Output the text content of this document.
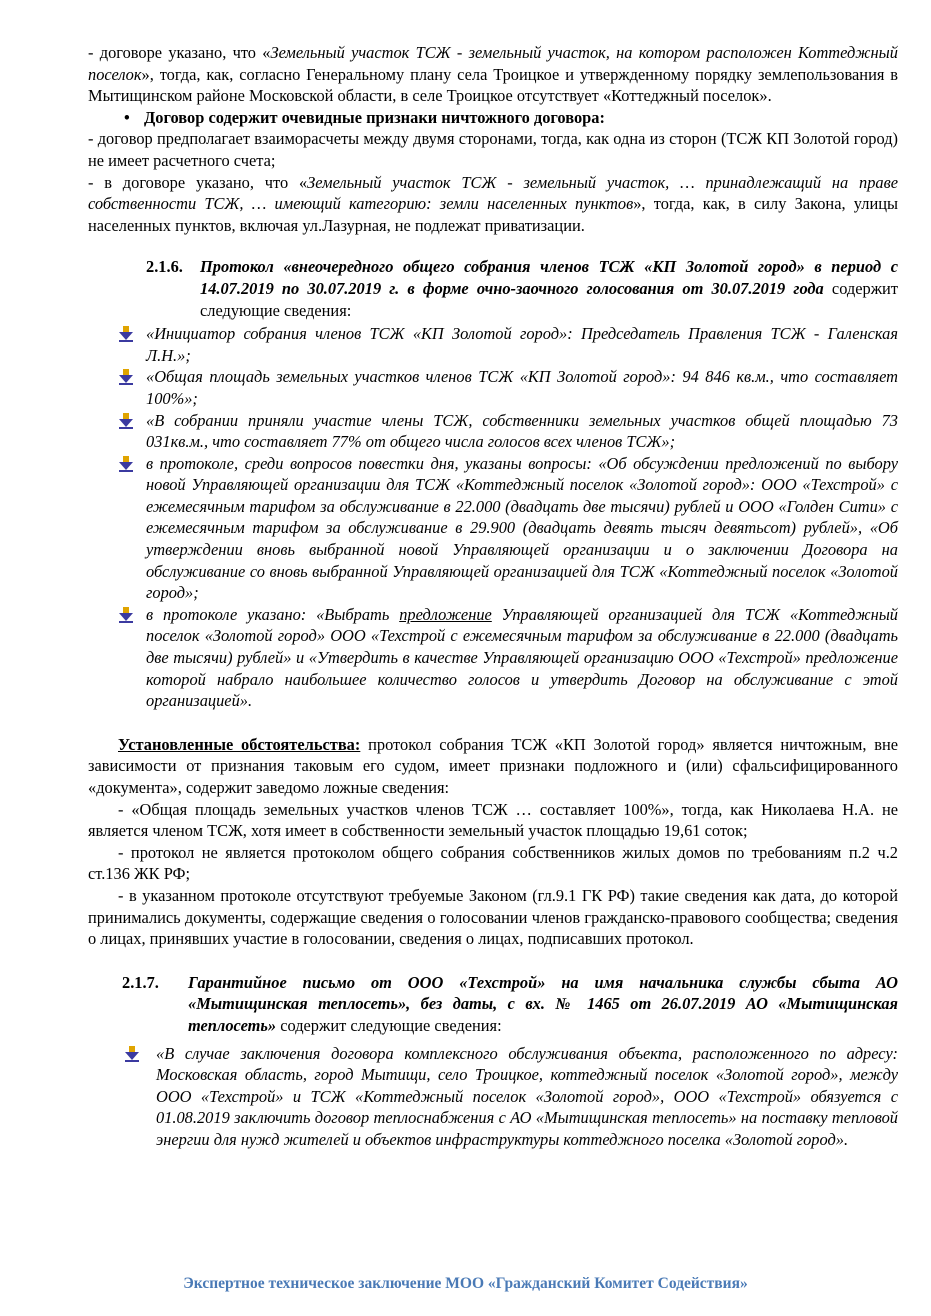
- договоре указано, что «Земельный участок ТСЖ - земельный участок, на котором расположен Коттеджный поселок», тогда, как, согласно Генеральному плану села Троицкое и утвержденному порядку землепользования в Мытищинском районе Московской области, в селе Троицкое отсутствует «Коттеджный поселок».

• Договор содержит очевидные признаки ничтожного договора:

- договор предполагает взаиморасчеты между двумя сторонами, тогда, как одна из сторон (ТСЖ КП Золотой город) не имеет расчетного счета;

- в договоре указано, что «Земельный участок ТСЖ - земельный участок, … принадлежащий на праве собственности ТСЖ, … имеющий категорию: земли населенных пунктов», тогда, как, в силу Закона, улицы населенных пунктов, включая ул.Лазурная, не подлежат приватизации.

2.1.6. Протокол «внеочередного общего собрания членов ТСЖ «КП Золотой город» в период с 14.07.2019 по 30.07.2019 г. в форме очно-заочного голосования от 30.07.2019 года содержит следующие сведения:
«Инициатор собрания членов ТСЖ «КП Золотой город»: Председатель Правления ТСЖ - Галенская Л.Н.»;
«Общая площадь земельных участков членов ТСЖ «КП Золотой город»: 94 846 кв.м., что составляет 100%»;
«В собрании приняли участие члены ТСЖ, собственники земельных участков общей площадью 73 031кв.м., что составляет 77% от общего числа голосов всех членов ТСЖ»;
в протоколе, среди вопросов повестки дня, указаны вопросы: «Об обсуждении предложений по выбору новой Управляющей организации для ТСЖ «Коттеджный поселок «Золотой город»: ООО «Техстрой» с ежемесячным тарифом за обслуживание в 22.000 (двадцать две тысячи) рублей и ООО «Голден Сити» с ежемесячным тарифом за обслуживание в 29.900 (двадцать девять тысяч девятьсот) рублей», «Об утверждении вновь выбранной новой Управляющей организации и о заключении Договора на обслуживание со вновь выбранной Управляющей организацией для ТСЖ «Коттеджный поселок «Золотой город»;
в протоколе указано: «Выбрать предложение Управляющей организацией для ТСЖ «Коттеджный поселок «Золотой город» ООО «Техстрой с ежемесячным тарифом за обслуживание в 22.000 (двадцать две тысячи) рублей» и «Утвердить в качестве Управляющей организацию ООО «Техстрой» предложение которой набрало наибольшее количество голосов и утвердить Договор на обслуживание с этой организацией».

Установленные обстоятельства: протокол собрания ТСЖ «КП Золотой город» является ничтожным, вне зависимости от признания таковым его судом, имеет признаки подложного и (или) сфальсифицированного «документа», содержит заведомо ложные сведения:

- «Общая площадь земельных участков членов ТСЖ … составляет 100%», тогда, как Николаева Н.А. не является членом ТСЖ, хотя имеет в собственности земельный участок площадью 19,61 соток;

- протокол не является протоколом общего собрания собственников жилых домов по требованиям п.2 ч.2 ст.136 ЖК РФ;

- в указанном протоколе отсутствуют требуемые Законом (гл.9.1 ГК РФ) такие сведения как дата, до которой принимались документы, содержащие сведения о голосовании членов гражданско-правового сообщества; сведения о лицах, принявших участие в голосовании, сведения о лицах, подписавших протокол.

2.1.7. Гарантийное письмо от ООО «Техстрой» на имя начальника службы сбыта АО «Мытищинская теплосеть», без даты, с вх. № 1465 от 26.07.2019 АО «Мытищинская теплосеть» содержит следующие сведения:
«В случае заключения договора комплексного обслуживания объекта, расположенного по адресу: Московская область, город Мытищи, село Троицкое, коттеджный поселок «Золотой город», между ООО «Техстрой» и ТСЖ «Коттеджный поселок «Золотой город», ООО «Техстрой» обязуется с 01.08.2019 заключить договор теплоснабжения с АО «Мытищинская теплосеть» на поставку тепловой энергии для нужд жителей и объектов инфраструктуры коттеджного поселка «Золотой город».
Экспертное техническое заключение МОО «Гражданский Комитет Содействия»
